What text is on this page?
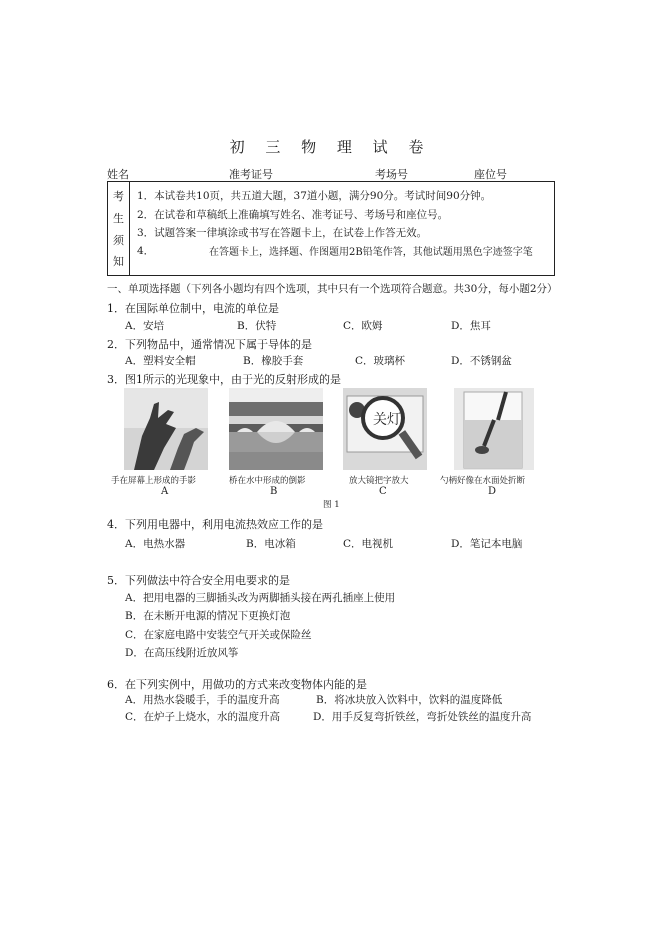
初 三 物 理 试 卷
姓名	准考证号	考场号	座位号
考
生
须
知
1．本试卷共10页，共五道大题，37道小题，满分90分。考试时间90分钟。
2．在试卷和草稿纸上准确填写姓名、准考证号、考场号和座位号。
3．试题答案一律填涂或书写在答题卡上，在试卷上作答无效。
4．	在答题卡上，选择题、作图题用2B铅笔作答，其他试题用黑色字迹签字笔
一、单项选择题（下列各小题均有四个选项，其中只有一个选项符合题意。共30分，每小题2分）
1．在国际单位制中，电流的单位是
A．安培	B．伏特	C．欧姆	D．焦耳
2．下列物品中，通常情况下属于导体的是
A．塑料安全帽	B．橡胶手套	C．玻璃杯	D．不锈钢盆
3．图1所示的光现象中，由于光的反射形成的是
关灯
手在屏幕上形成的手影	桥在水中形成的倒影	放大镜把字放大	勺柄好像在水面处折断
A	B	C	D
图 1
4．下列用电器中，利用电流热效应工作的是
A．电热水器	B．电冰箱	C．电视机	D．笔记本电脑
5．下列做法中符合安全用电要求的是
A．把用电器的三脚插头改为两脚插头接在两孔插座上使用
B．在未断开电源的情况下更换灯泡
C．在家庭电路中安装空气开关或保险丝
D．在高压线附近放风筝
6．在下列实例中，用做功的方式来改变物体内能的是
A．用热水袋暖手，手的温度升高	B．将冰块放入饮料中，饮料的温度降低
C．在炉子上烧水，水的温度升高	D．用手反复弯折铁丝，弯折处铁丝的温度升高
